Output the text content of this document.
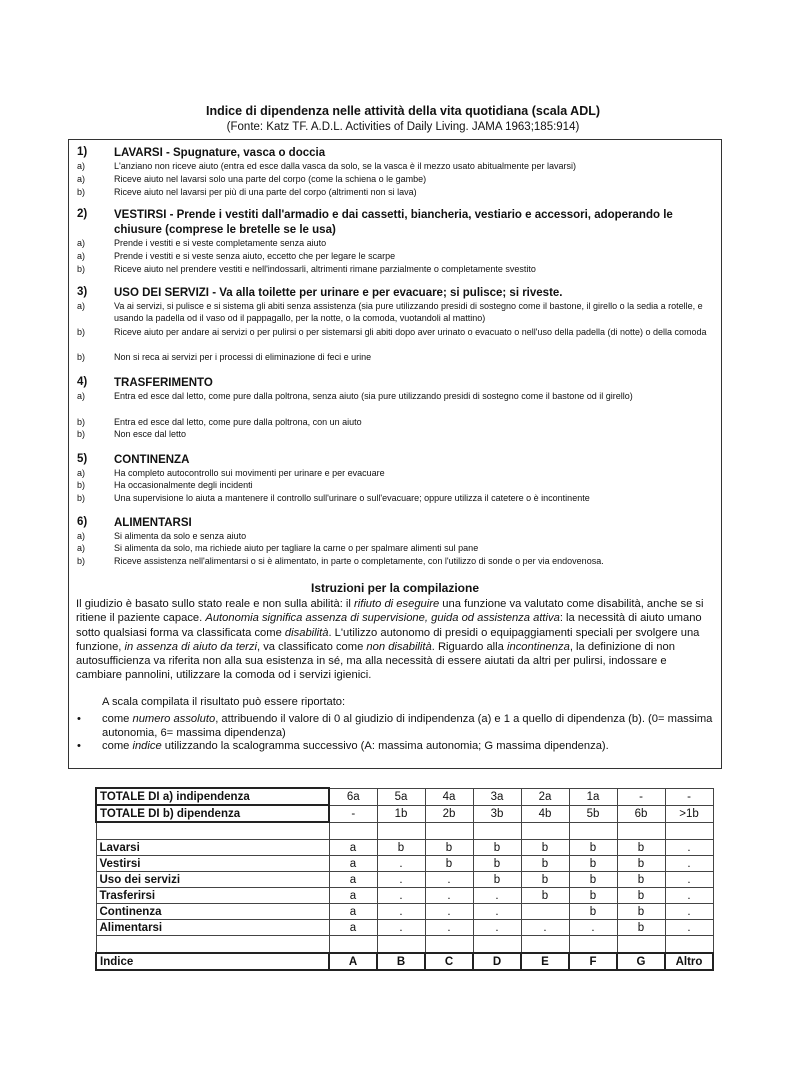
Indice di dipendenza nelle attività della vita quotidiana (scala ADL)
(Fonte: Katz TF. A.D.L. Activities of Daily Living. JAMA 1963;185:914)
1) LAVARSI - Spugnature, vasca o doccia
a)	L'anziano non riceve aiuto (entra ed esce dalla vasca da solo, se la vasca è il mezzo usato abitualmente per lavarsi)
a)	Riceve aiuto nel lavarsi solo una parte del corpo (come la schiena o le gambe)
b)	Riceve aiuto nel lavarsi per più di una parte del corpo (altrimenti non si lava)
2) VESTIRSI - Prende i vestiti dall'armadio e dai cassetti, biancheria, vestiario e accessori, adoperando le chiusure (comprese le bretelle se le usa)
a)	Prende i vestiti e si veste completamente senza aiuto
a)	Prende i vestiti e si veste senza aiuto, eccetto che per legare le scarpe
b)	Riceve aiuto nel prendere vestiti e nell'indossarli, altrimenti rimane parzialmente o completamente svestito
3) USO DEI SERVIZI - Va alla toilette per urinare e per evacuare; si pulisce; si riveste.
a)	Va ai servizi, si pulisce e si sistema gli abiti senza assistenza (sia pure utilizzando presidi di sostegno come il bastone, il girello o la sedia a rotelle, e usando la padella od il vaso od il pappagallo, per la notte, o la comoda, vuotandoli al mattino)
b)	Riceve aiuto per andare ai servizi o per pulirsi o per sistemarsi gli abiti dopo aver urinato o evacuato o nell'uso della padella (di notte) o della comoda
b)	Non si reca ai servizi per i processi di eliminazione di feci e urine
4) TRASFERIMENTO
a)	Entra ed esce dal letto, come pure dalla poltrona, senza aiuto (sia pure utilizzando presidi di sostegno come il bastone od il girello)
b)	Entra ed esce dal letto, come pure dalla poltrona, con un aiuto
b)	Non esce dal letto
5) CONTINENZA
a)	Ha completo autocontrollo sui movimenti per urinare e per evacuare
b)	Ha occasionalmente degli incidenti
b)	Una supervisione lo aiuta a mantenere il controllo sull'urinare o sull'evacuare; oppure utilizza il catetere o è incontinente
6) ALIMENTARSI
a)	Si alimenta da solo e senza aiuto
a)	Si alimenta da solo, ma richiede aiuto per tagliare la carne o per spalmare alimenti sul pane
b)	Riceve assistenza nell'alimentarsi o si è alimentato, in parte o completamente, con l'utilizzo di sonde o per via endovenosa.
Istruzioni per la compilazione
Il giudizio è basato sullo stato reale e non sulla abilità: il rifiuto di eseguire una funzione va valutato come disabilità, anche se si ritiene il paziente capace. Autonomia significa assenza di supervisione, guida od assistenza attiva: la necessità di aiuto umano sotto qualsiasi forma va classificata come disabilità. L'utilizzo autonomo di presidi o equipaggiamenti speciali per svolgere una funzione, in assenza di aiuto da terzi, va classificato come non disabilità. Riguardo alla incontinenza, la definizione di non autosufficienza va riferita non alla sua esistenza in sé, ma alla necessità di essere aiutati da altri per pulirsi, indossare e cambiare pannolini, utilizzare la comoda od i servizi igienici.
A scala compilata il risultato può essere riportato:
• come numero assoluto, attribuendo il valore di 0 al giudizio di indipendenza (a) e 1 a quello di dipendenza (b). (0= massima autonomia, 6= massima dipendenza)
• come indice utilizzando la scalogramma successivo (A: massima autonomia; G massima dipendenza).
TOTALE DI a) indipendenza	6a	5a	4a	3a	2a	1a	-	-
TOTALE DI b) dipendenza	-	1b	2b	3b	4b	5b	6b	>1b

Lavarsi	a	b	b	b	b	b	b	.
Vestirsi	a	.	b	b	b	b	b	.
Uso dei servizi	a	.	.	b	b	b	b	.
Trasferirsi	a	.	.	.	b	b	b	.
Continenza	a	.	.	.		b	b	.
Alimentarsi	a	.	.	.	.	.	b	.

Indice	A	B	C	D	E	F	G	Altro
